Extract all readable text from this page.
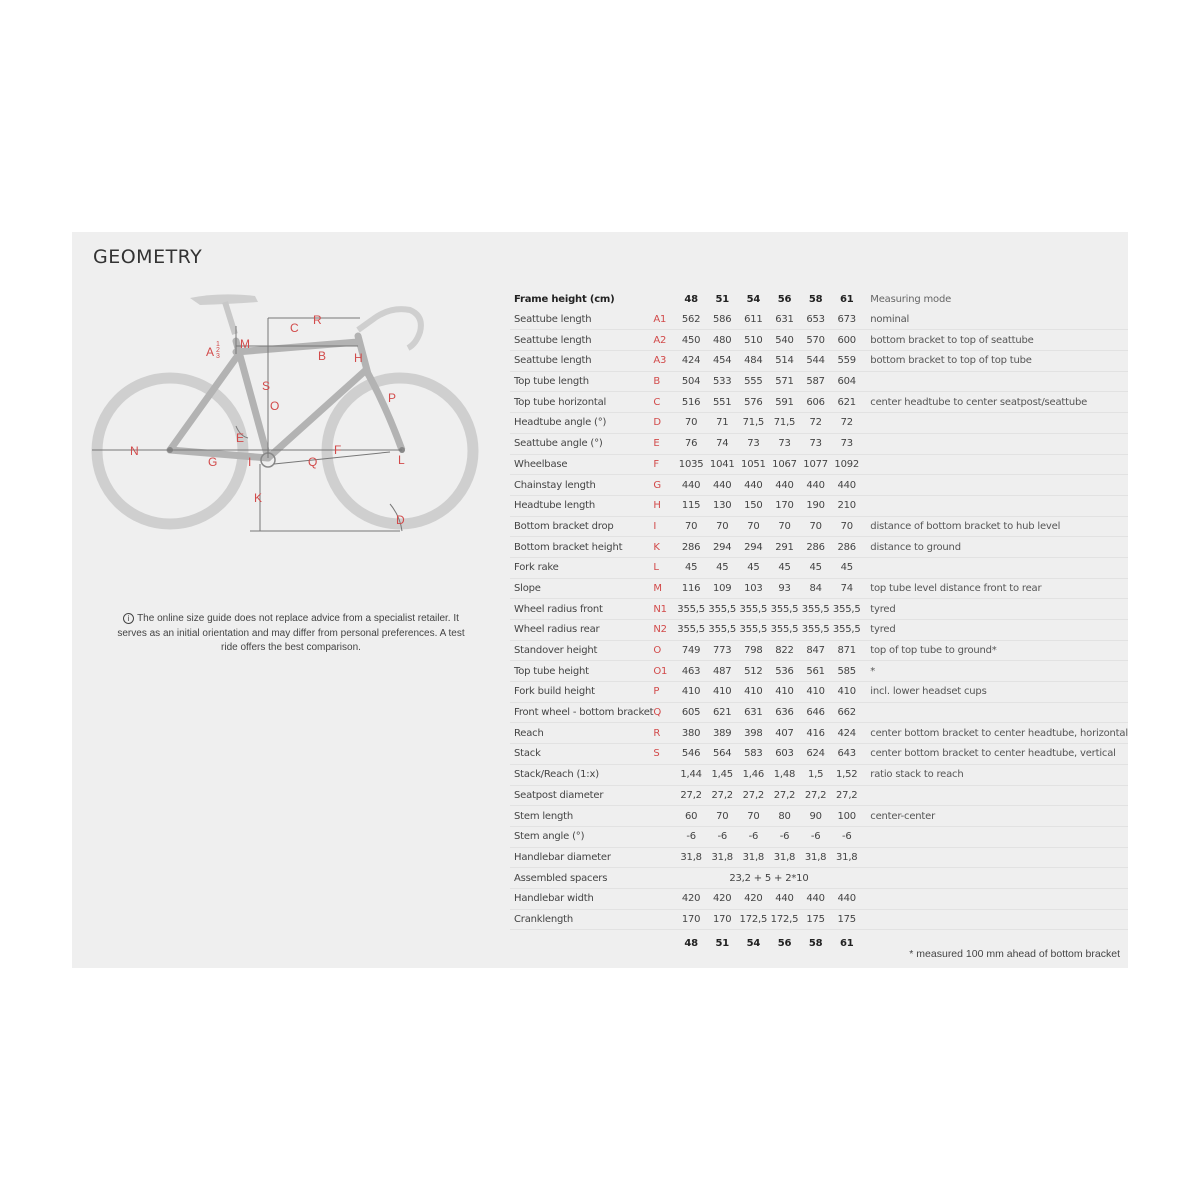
GEOMETRY
R
C
A
1
2
3
M
B H
S
O
P
E
N	F
G	I	Q	L
K
D
i The online size guide does not replace advice from a specialist retailer. It serves as an initial orientation and may differ from personal preferences. A test ride offers the best comparison.
Frame height (cm)		48	51	54	56	58	61	Measuring mode
Seattube length	A1	562	586	611	631	653	673	nominal
Seattube length	A2	450	480	510	540	570	600	bottom bracket to top of seattube
Seattube length	A3	424	454	484	514	544	559	bottom bracket to top of top tube
Top tube length	B	504	533	555	571	587	604	
Top tube horizontal	C	516	551	576	591	606	621	center headtube to center seatpost/seattube
Headtube angle (°)	D	70	71	71,5	71,5	72	72	
Seattube angle (°)	E	76	74	73	73	73	73	
Wheelbase	F	1035	1041	1051	1067	1077	1092	
Chainstay length	G	440	440	440	440	440	440	
Headtube length	H	115	130	150	170	190	210	
Bottom bracket drop	I	70	70	70	70	70	70	distance of bottom bracket to hub level
Bottom bracket height	K	286	294	294	291	286	286	distance to ground
Fork rake	L	45	45	45	45	45	45	
Slope	M	116	109	103	93	84	74	top tube level distance front to rear
Wheel radius front	N1	355,5	355,5	355,5	355,5	355,5	355,5	tyred
Wheel radius rear	N2	355,5	355,5	355,5	355,5	355,5	355,5	tyred
Standover height	O	749	773	798	822	847	871	top of top tube to ground*
Top tube height	O1	463	487	512	536	561	585	*
Fork build height	P	410	410	410	410	410	410	incl. lower headset cups
Front wheel - bottom bracket	Q	605	621	631	636	646	662	
Reach	R	380	389	398	407	416	424	center bottom bracket to center headtube, horizontal
Stack	S	546	564	583	603	624	643	center bottom bracket to center headtube, vertical
Stack/Reach (1:x)		1,44	1,45	1,46	1,48	1,5	1,52	ratio stack to reach
Seatpost diameter		27,2	27,2	27,2	27,2	27,2	27,2	
Stem length		60	70	70	80	90	100	center-center
Stem angle (°)		-6	-6	-6	-6	-6	-6	
Handlebar diameter		31,8	31,8	31,8	31,8	31,8	31,8	
Assembled spacers		23,2 + 5 + 2*10						
Handlebar width		420	420	420	440	440	440	
Cranklength		170	170	172,5	172,5	175	175	
		48	51	54	56	58	61	
* measured 100 mm ahead of bottom bracket
